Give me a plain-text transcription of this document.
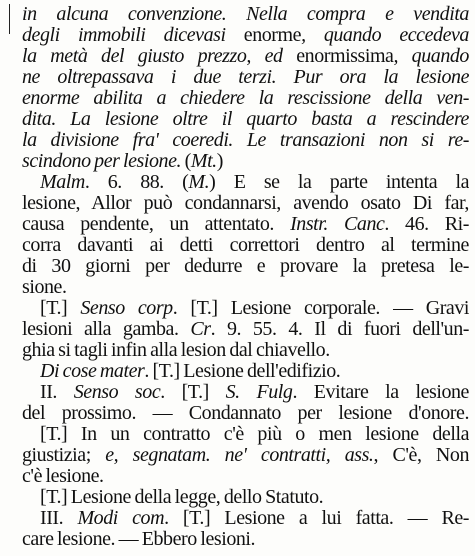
in alcuna convenzione. Nella compra e vendita
degli immobili dicevasi enorme, quando eccedeva
la metà del giusto prezzo, ed enormissima, quando
ne oltrepassava i due terzi. Pur ora la lesione
enorme abilita a chiedere la rescissione della ven-
dita. La lesione oltre il quarto basta a rescindere
la divisione fra' coeredi. Le transazioni non si re-
scindono per lesione. (Mt.)
Malm. 6. 88. (M.) E se la parte intenta la
lesione, Allor può condannarsi, avendo osato Di far,
causa pendente, un attentato. Instr. Canc. 46. Ri-
corra davanti ai detti correttori dentro al termine
di 30 giorni per dedurre e provare la pretesa le-
sione.
[T.] Senso corp. [T.] Lesione corporale. — Gravi
lesioni alla gamba. Cr. 9. 55. 4. Il di fuori dell'un-
ghia si tagli infin alla lesion dal chiavello.
Di cose mater. [T.] Lesione dell'edifizio.
II. Senso soc. [T.] S. Fulg. Evitare la lesione
del prossimo. — Condannato per lesione d'onore.
[T.] In un contratto c'è più o men lesione della
giustizia; e, segnatam. ne' contratti, ass., C'è, Non
c'è lesione.
[T.] Lesione della legge, dello Statuto.
III. Modi com. [T.] Lesione a lui fatta. — Re-
care lesione. — Ebbero lesioni.
